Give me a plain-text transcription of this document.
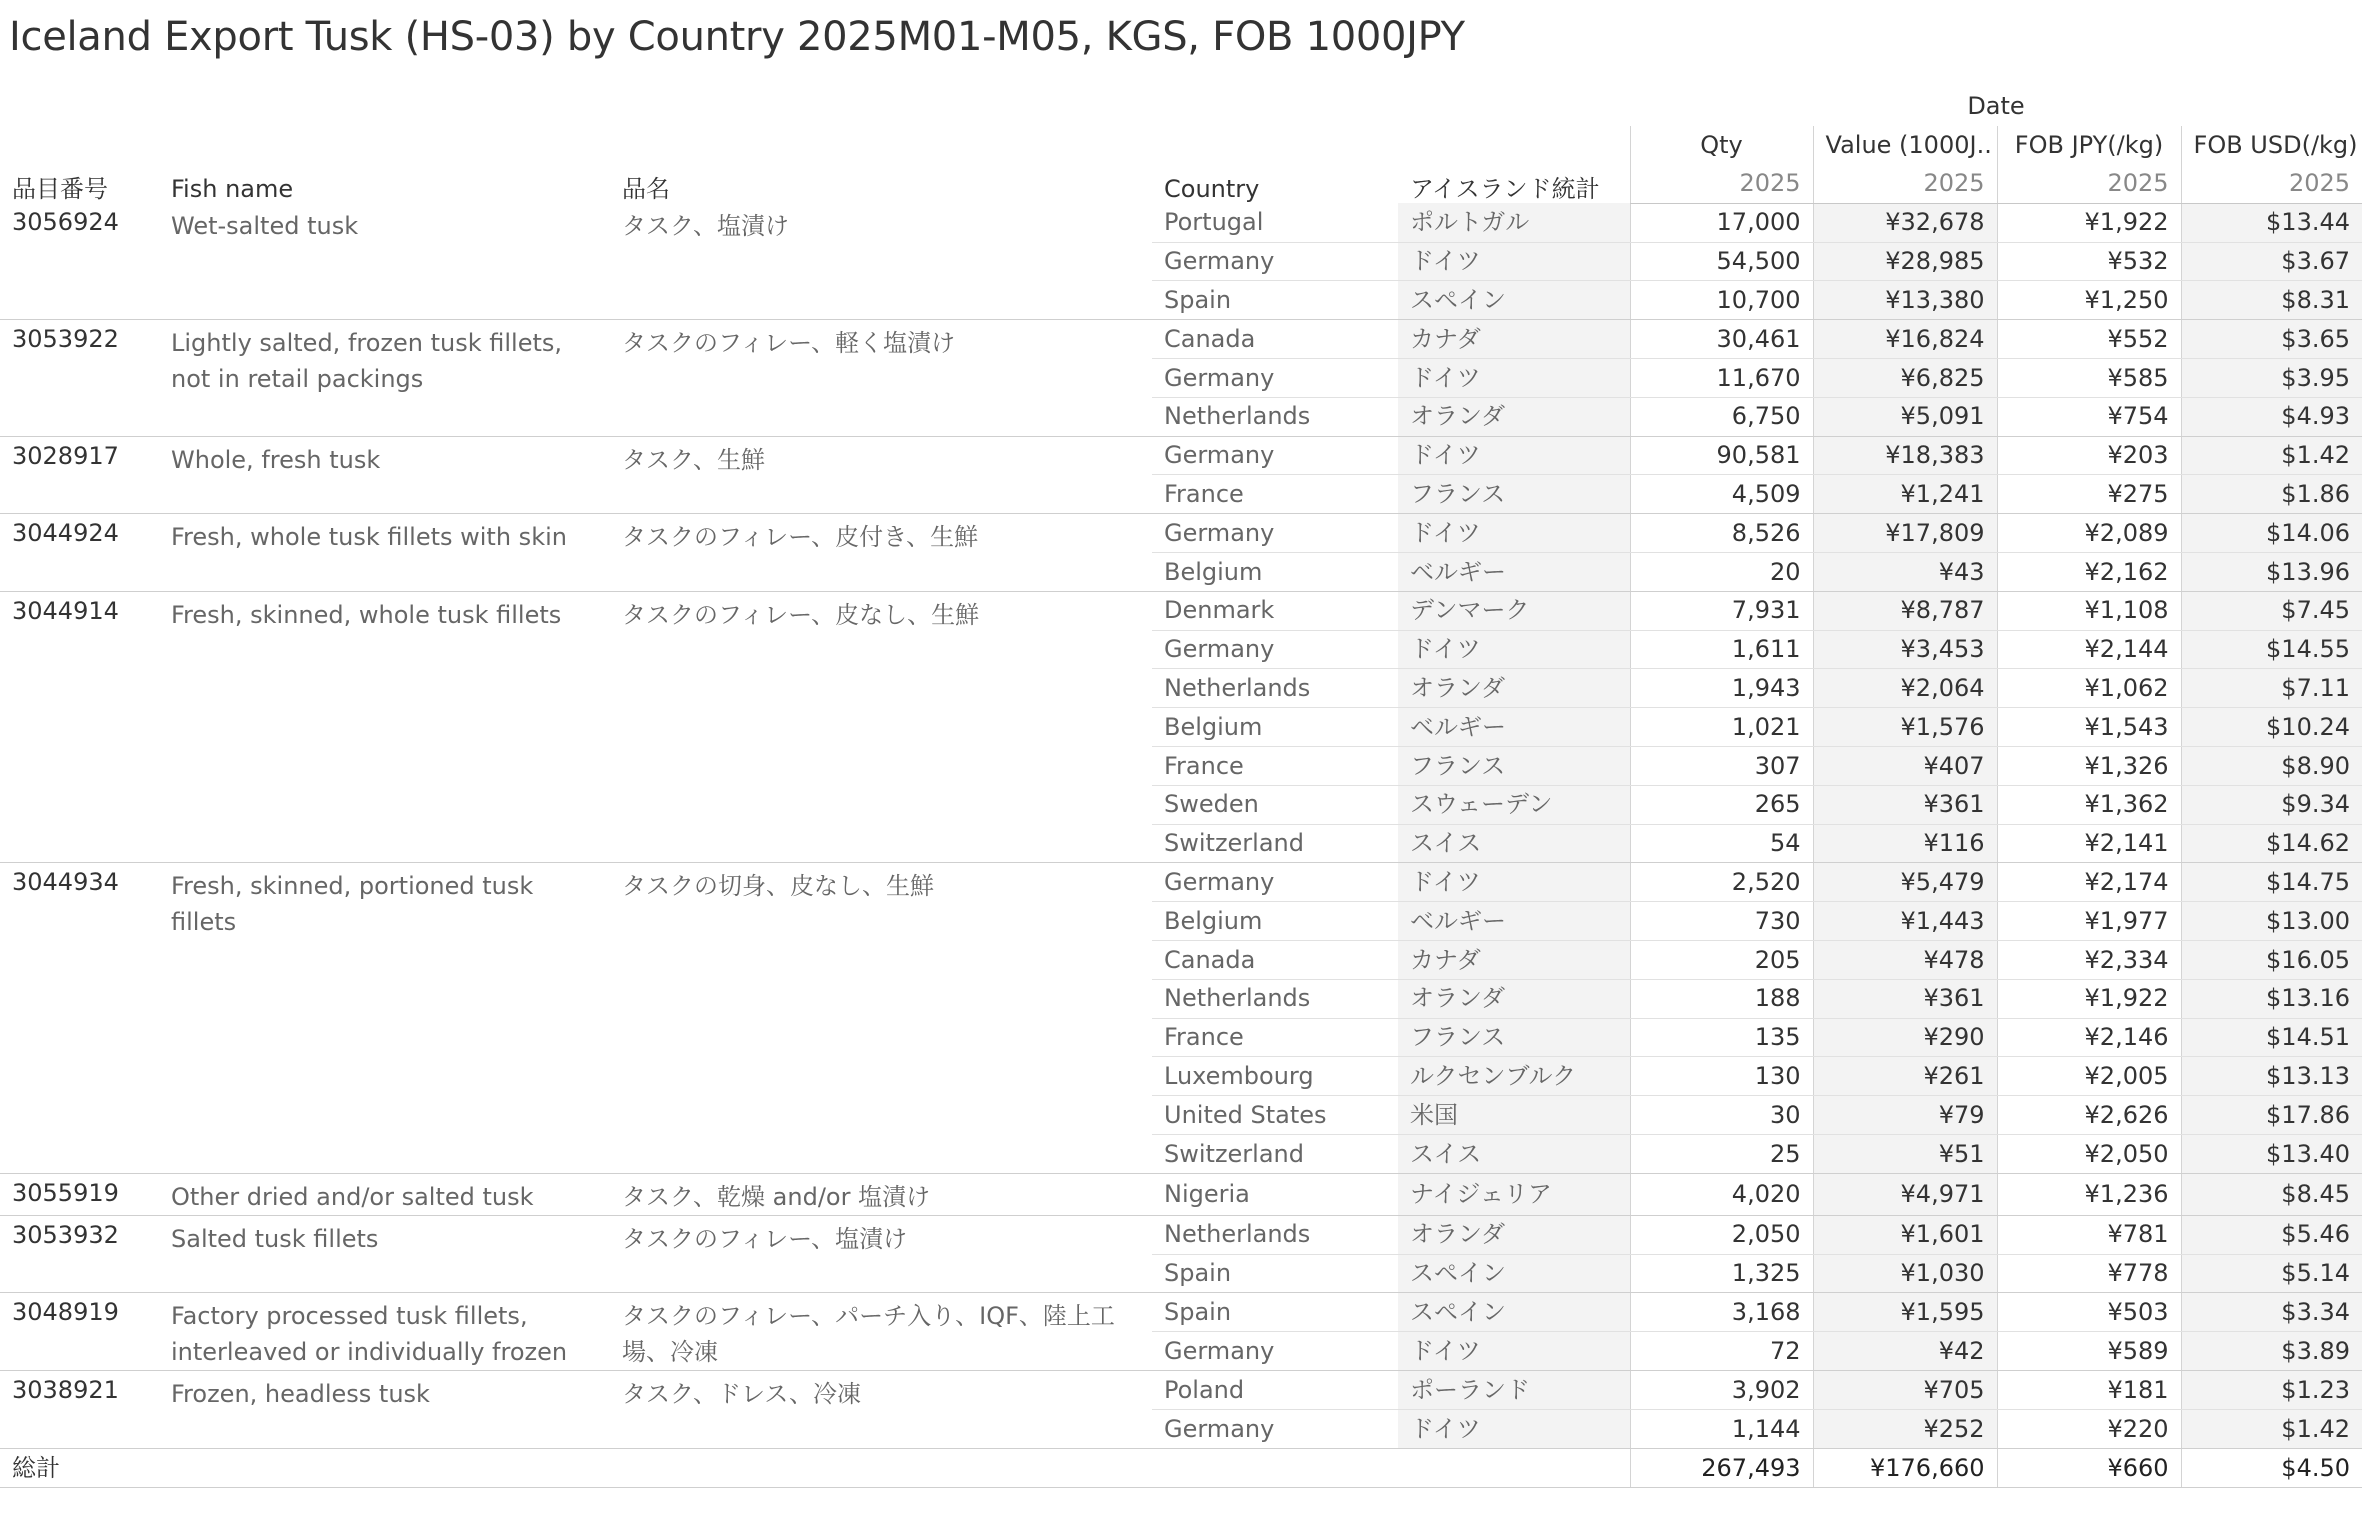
Iceland Export Tusk (HS-03) by Country 2025M01-M05, KGS, FOB 1000JPY
					Date			
品目番号	Fish name	品名	Country	アイスランド統計	Qty	Value (1000J..	FOB JPY(/kg)	FOB USD(/kg)
					2025	2025	2025	2025
3056924	Wet-salted tusk	タスク、塩漬け	Portugal	ポルトガル	17,000	¥32,678	¥1,922	$13.44
			Germany	ドイツ	54,500	¥28,985	¥532	$3.67
			Spain	スペイン	10,700	¥13,380	¥1,250	$8.31
3053922	Lightly salted, frozen tusk fillets, not in retail packings	タスクのフィレー、軽く塩漬け	Canada	カナダ	30,461	¥16,824	¥552	$3.65
			Germany	ドイツ	11,670	¥6,825	¥585	$3.95
			Netherlands	オランダ	6,750	¥5,091	¥754	$4.93
3028917	Whole, fresh tusk	タスク、生鮮	Germany	ドイツ	90,581	¥18,383	¥203	$1.42
			France	フランス	4,509	¥1,241	¥275	$1.86
3044924	Fresh, whole tusk fillets with skin	タスクのフィレー、皮付き、生鮮	Germany	ドイツ	8,526	¥17,809	¥2,089	$14.06
			Belgium	ベルギー	20	¥43	¥2,162	$13.96
3044914	Fresh, skinned, whole tusk fillets	タスクのフィレー、皮なし、生鮮	Denmark	デンマーク	7,931	¥8,787	¥1,108	$7.45
			Germany	ドイツ	1,611	¥3,453	¥2,144	$14.55
			Netherlands	オランダ	1,943	¥2,064	¥1,062	$7.11
			Belgium	ベルギー	1,021	¥1,576	¥1,543	$10.24
			France	フランス	307	¥407	¥1,326	$8.90
			Sweden	スウェーデン	265	¥361	¥1,362	$9.34
			Switzerland	スイス	54	¥116	¥2,141	$14.62
3044934	Fresh, skinned, portioned tusk fillets	タスクの切身、皮なし、生鮮	Germany	ドイツ	2,520	¥5,479	¥2,174	$14.75
			Belgium	ベルギー	730	¥1,443	¥1,977	$13.00
			Canada	カナダ	205	¥478	¥2,334	$16.05
			Netherlands	オランダ	188	¥361	¥1,922	$13.16
			France	フランス	135	¥290	¥2,146	$14.51
			Luxembourg	ルクセンブルク	130	¥261	¥2,005	$13.13
			United States	米国	30	¥79	¥2,626	$17.86
			Switzerland	スイス	25	¥51	¥2,050	$13.40
3055919	Other dried and/or salted tusk	タスク、乾燥 and/or 塩漬け	Nigeria	ナイジェリア	4,020	¥4,971	¥1,236	$8.45
3053932	Salted tusk fillets	タスクのフィレー、塩漬け	Netherlands	オランダ	2,050	¥1,601	¥781	$5.46
			Spain	スペイン	1,325	¥1,030	¥778	$5.14
3048919	Factory processed tusk fillets, interleaved or individually frozen	タスクのフィレー、パーチ入り、IQF、陸上工場、冷凍	Spain	スペイン	3,168	¥1,595	¥503	$3.34
			Germany	ドイツ	72	¥42	¥589	$3.89
3038921	Frozen, headless tusk	タスク、ドレス、冷凍	Poland	ポーランド	3,902	¥705	¥181	$1.23
			Germany	ドイツ	1,144	¥252	¥220	$1.42
総計					267,493	¥176,660	¥660	$4.50
